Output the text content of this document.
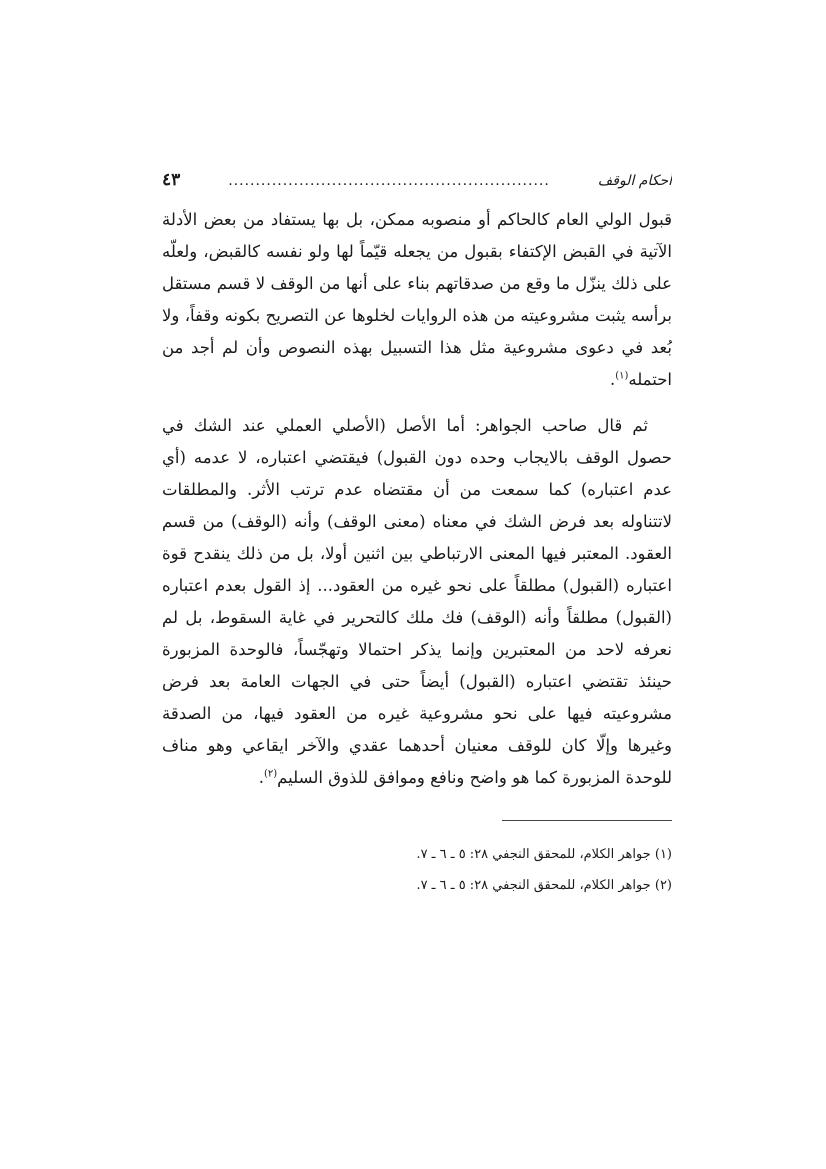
أحكام الوقف
...........................................................
٤٣

قبول الولي العام كالحاكم أو منصوبه ممكن، بل بها يستفاد من بعض الأدلة الآتية في القبض الإكتفاء بقبول من يجعله قيّماً لها ولو نفسه كالقبض، ولعلّه على ذلك ينزّل ما وقع من صدقاتهم بناء على أنها من الوقف لا قسم مستقل برأسه يثبت مشروعيته من هذه الروايات لخلوها عن التصريح بكونه وقفاً، ولا بُعد في دعوى مشروعية مثل هذا التسبيل بهذه النصوص وأن لم أجد من احتمله$^{(١)}$.

ثم قال صاحب الجواهر: أما الأصل (الأصلي العملي عند الشك في حصول الوقف بالايجاب وحده دون القبول) فيقتضي اعتباره، لا عدمه (أي عدم اعتباره) كما سمعت من أن مقتضاه عدم ترتب الأثر. والمطلقات لاتتناوله بعد فرض الشك في معناه (معنى الوقف) وأنه (الوقف) من قسم العقود. المعتبر فيها المعنى الارتباطي بين اثنين أولا، بل من ذلك ينقدح قوة اعتباره (القبول) مطلقاً على نحو غيره من العقود... إذ القول بعدم اعتباره (القبول) مطلقاً وأنه (الوقف) فك ملك كالتحرير في غاية السقوط، بل لم نعرفه لاحد من المعتبرين وإنما يذكر احتمالا وتهجّساً، فالوحدة المزبورة حينئذ تقتضي اعتباره (القبول) أيضاً حتى في الجهات العامة بعد فرض مشروعيته فيها على نحو مشروعية غيره من العقود فيها، من الصدقة وغيرها وإلّا كان للوقف معنيان أحدهما عقدي والآخر ايقاعي وهو مناف للوحدة المزبورة كما هو واضح ونافع وموافق للذوق السليم$^{(٢)}$.

(١) جواهر الكلام، للمحقق النجفي ٢٨: ٥ ـ ٦ ـ ٧.

(٢) جواهر الكلام، للمحقق النجفي ٢٨: ٥ ـ ٦ ـ ٧.
